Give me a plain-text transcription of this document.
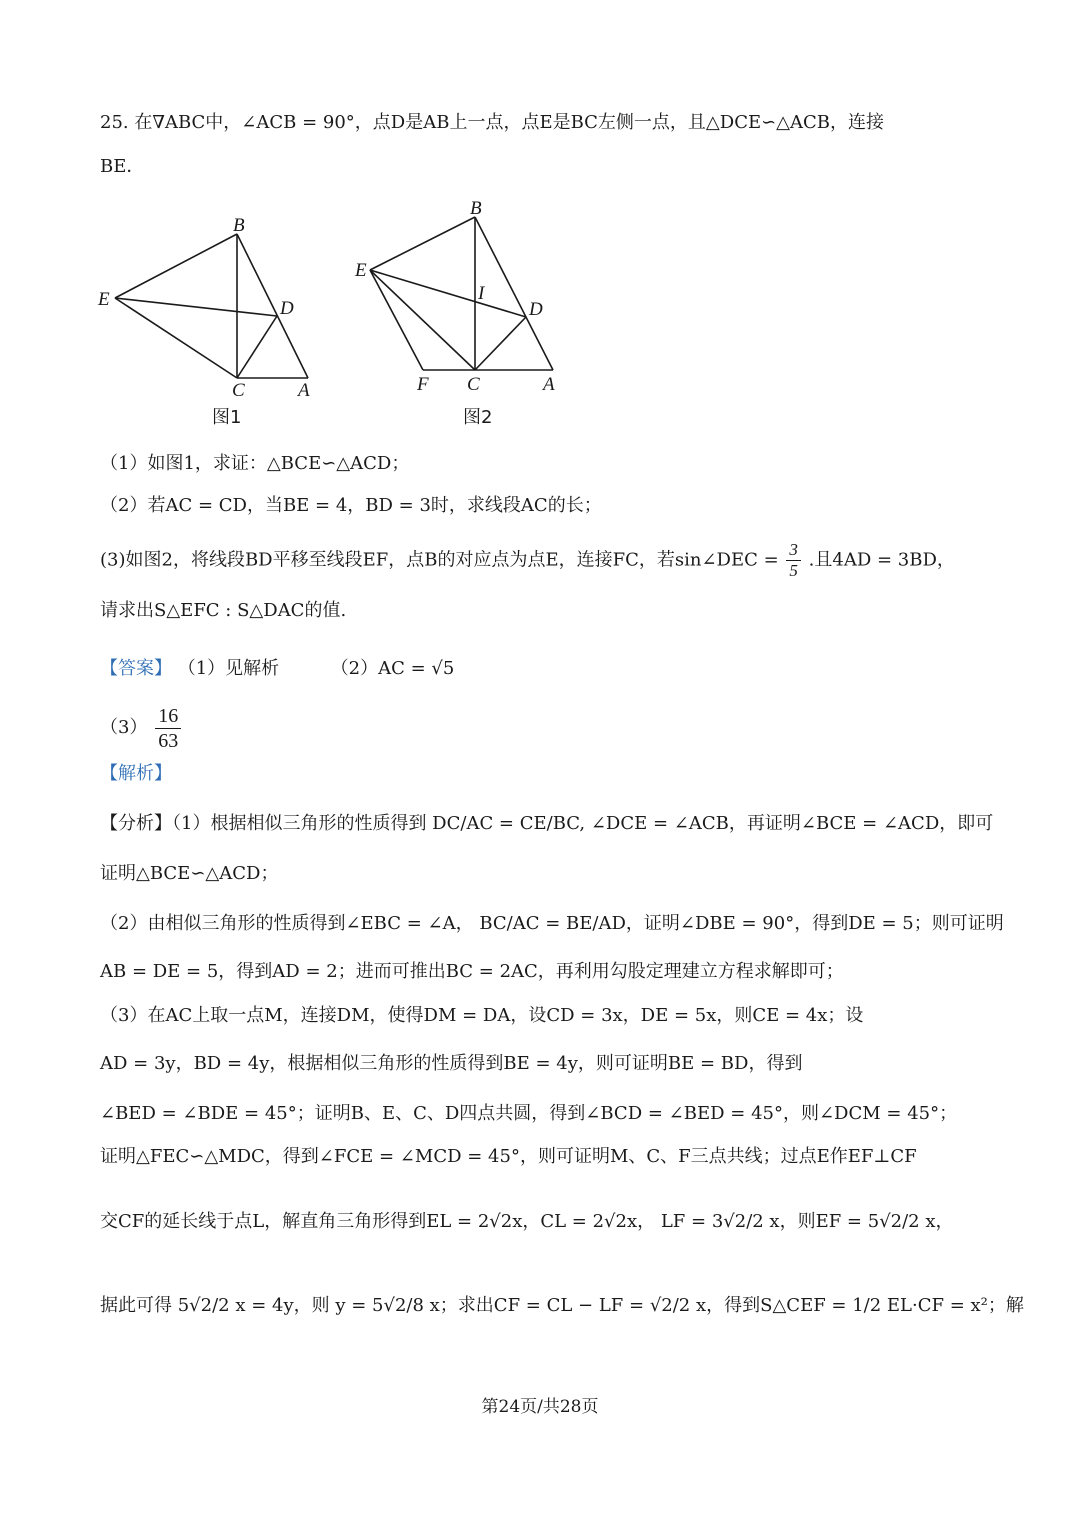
25. 在∇ABC中，∠ACB = 90°，点D是AB上一点，点E是BC左侧一点，且△DCE∽△ACB，连接
BE．
B
E	D
C	A
图1
B
E
I
D
F C	A
图2
（1）如图1，求证：△BCE∽△ACD；
（2）若AC = CD，当BE = 4，BD = 3时，求线段AC的长；
(3)如图2，将线段BD平移至线段EF，点B的对应点为点E，连接FC，若sin∠DEC = $\frac{3}{5}$ .且4AD = 3BD，
请求出S△EFC : S△DAC的值.
【答案】 （1）见解析	（2）AC = √5
$(3) \frac{16}{63}$
【解析】
【分析】（1）根据相似三角形的性质得到 DC/AC = CE/BC, ∠DCE = ∠ACB，再证明∠BCE = ∠ACD，即可
证明△BCE∽△ACD；
（2）由相似三角形的性质得到∠EBC = ∠A， BC/AC = BE/AD，证明∠DBE = 90°，得到DE = 5；则可证明
AB = DE = 5，得到AD = 2；进而可推出BC = 2AC，再利用勾股定理建立方程求解即可；
（3）在AC上取一点M，连接DM，使得DM = DA，设CD = 3x，DE = 5x，则CE = 4x；设
AD = 3y，BD = 4y，根据相似三角形的性质得到BE = 4y，则可证明BE = BD，得到
∠BED = ∠BDE = 45°；证明B、E、C、D四点共圆，得到∠BCD = ∠BED = 45°，则∠DCM = 45°；
证明△FEC∽△MDC，得到∠FCE = ∠MCD = 45°，则可证明M、C、F三点共线；过点E作EF⊥CF
交CF的延长线于点L，解直角三角形得到EL = 2√2x，CL = 2√2x， LF = 3√2/2 x，则EF = 5√2/2 x，
据此可得 5√2/2 x = 4y，则 y = 5√2/8 x；求出CF = CL − LF = √2/2 x，得到S△CEF = 1/2 EL·CF = x²；解
第24页/共28页
